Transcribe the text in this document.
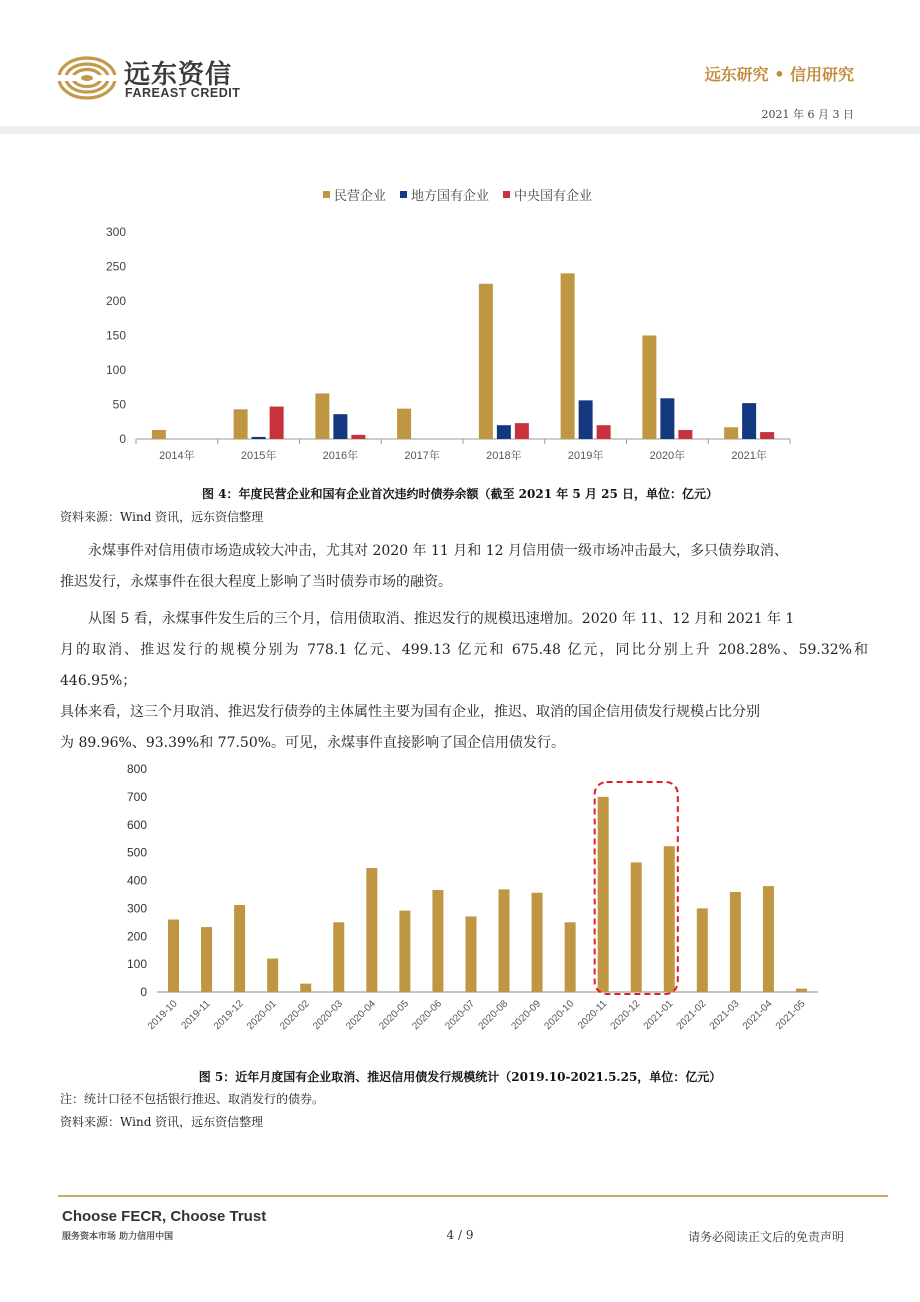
远东资信
FAREAST CREDIT
远东研究 • 信用研究
2021 年 6 月 3 日
0
50
100
150
200
250
300
2014年	2015年	2016年	2017年	2018年	2019年	2020年	2021年
民营企业 地方国有企业 中央国有企业
图 4：年度民营企业和国有企业首次违约时债券余额（截至 2021 年 5 月 25 日，单位：亿元）
资料来源：Wind 资讯，远东资信整理
永煤事件对信用债市场造成较大冲击，尤其对 2020 年 11 月和 12 月信用债一级市场冲击最大，多只债券取消、
推迟发行，永煤事件在很大程度上影响了当时债券市场的融资。
从图 5 看，永煤事件发生后的三个月，信用债取消、推迟发行的规模迅速增加。2020 年 11、12 月和 2021 年 1
月的取消、推迟发行的规模分别为 778.1 亿元、499.13 亿元和 675.48 亿元，同比分别上升 208.28%、59.32%和 446.95%；
具体来看，这三个月取消、推迟发行债券的主体属性主要为国有企业，推迟、取消的国企信用债发行规模占比分别
为 89.96%、93.39%和 77.50%。可见，永煤事件直接影响了国企信用债发行。
0
100
200
300
400
500
600
700
800
2019-10 2019-11 2019-12 2020-01 2020-02 2020-03 2020-04 2020-05 2020-06 2020-07 2020-08 2020-09 2020-10 2020-11 2020-12 2021-01 2021-02 2021-03 2021-04 2021-05
图 5：近年月度国有企业取消、推迟信用债发行规模统计（2019.10-2021.5.25，单位：亿元）
注：统计口径不包括银行推迟、取消发行的债券。
资料来源：Wind 资讯，远东资信整理
Choose FECR, Choose Trust
服务资本市场 助力信用中国	4 / 9	请务必阅读正文后的免责声明
